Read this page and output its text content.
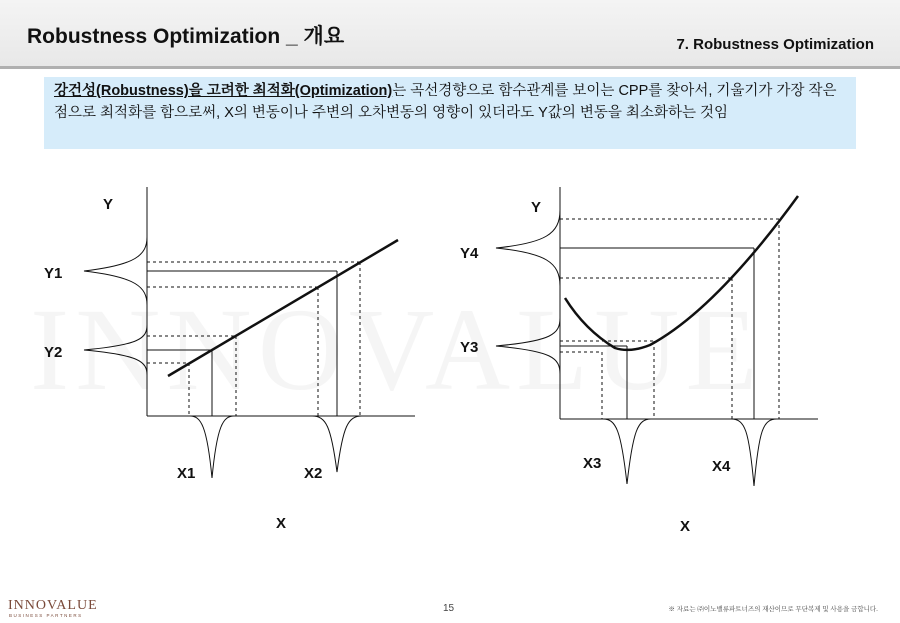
Robustness Optimization _ 개요	7. Robustness Optimization
강건성(Robustness)을 고려한 최적화(Optimization)는 곡선경향으로 함수관계를 보이는 CPP를 찾아서, 기울기가 가장 작은 점으로 최적화를 함으로써, X의 변동이나 주변의 오차변동의 영향이 있더라도 Y값의 변동을 최소화하는 것임
Y
Y1
Y2
X1	X2
X
Y
Y4
Y3
X3	X4
X
INNOVALUE
BUSINESS PARTNERS
15	※ 자료는 ㈜이노밸류파트너즈의 재산이므로 무단복제 및 사용을 금합니다.
